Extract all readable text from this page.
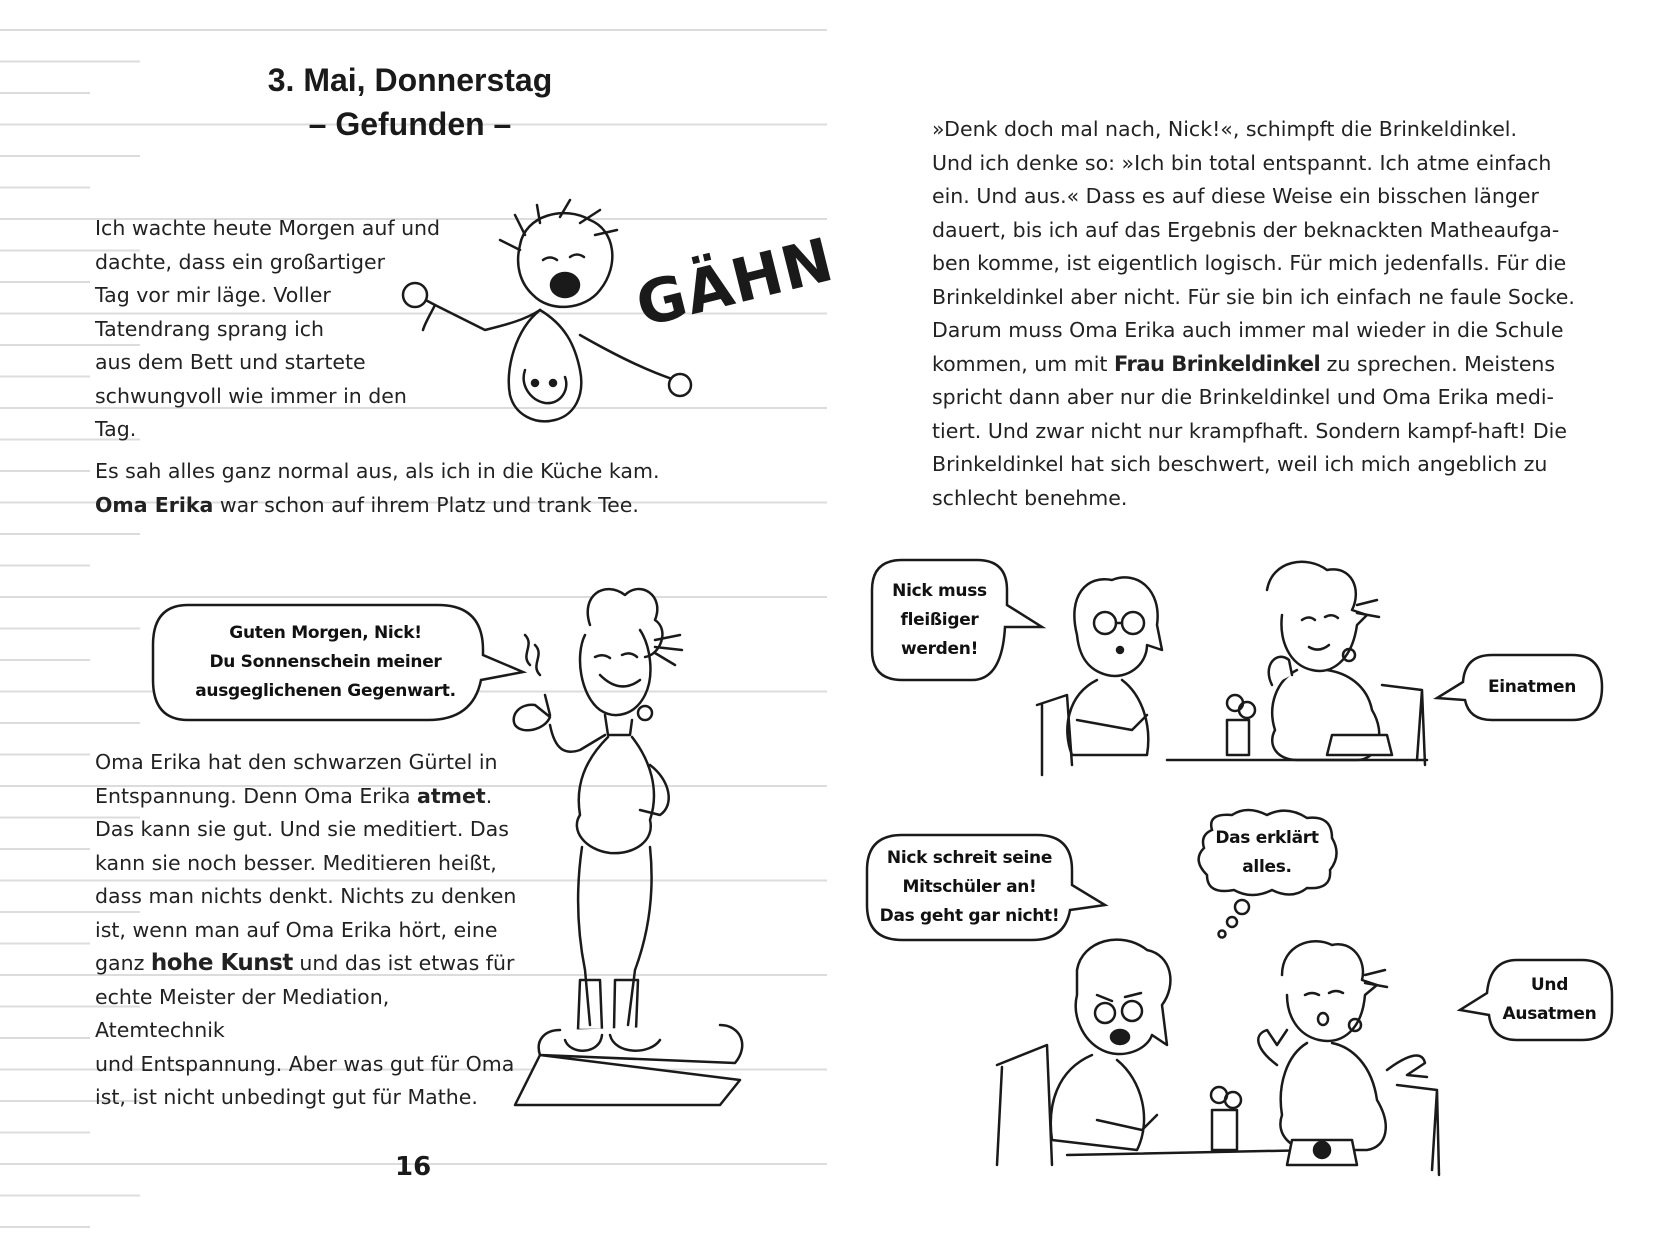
3. Mai, Donnerstag
– Gefunden –
Ich wachte heute Morgen auf und
dachte, dass ein großartiger
Tag vor mir läge. Voller
Tatendrang sprang ich
aus dem Bett und startete
schwungvoll wie immer in den
Tag.
GÄHN
Es sah alles ganz normal aus, als ich in die Küche kam.
Oma Erika war schon auf ihrem Platz und trank Tee.
Guten Morgen, Nick!
Du Sonnenschein meiner
ausgeglichenen Gegenwart.
Oma Erika hat den schwarzen Gürtel in
Entspannung. Denn Oma Erika atmet.
Das kann sie gut. Und sie meditiert. Das
kann sie noch besser. Meditieren heißt,
dass man nichts denkt. Nichts zu denken
ist, wenn man auf Oma Erika hört, eine
ganz hohe Kunst und das ist etwas für
echte Meister der Mediation, Atemtechnik
und Entspannung. Aber was gut für Oma
ist, ist nicht unbedingt gut für Mathe.
16
»Denk doch mal nach, Nick!«, schimpft die Brinkeldinkel.
Und ich denke so: »Ich bin total entspannt. Ich atme einfach
ein. Und aus.« Dass es auf diese Weise ein bisschen länger
dauert, bis ich auf das Ergebnis der beknackten Matheaufga-
ben komme, ist eigentlich logisch. Für mich jedenfalls. Für die
Brinkeldinkel aber nicht. Für sie bin ich einfach ne faule Socke.
Darum muss Oma Erika auch immer mal wieder in die Schule
kommen, um mit Frau Brinkeldinkel zu sprechen. Meistens
spricht dann aber nur die Brinkeldinkel und Oma Erika medi-
tiert. Und zwar nicht nur krampfhaft. Sondern kampf-haft! Die
Brinkeldinkel hat sich beschwert, weil ich mich angeblich zu
schlecht benehme.
Nick muss
fleißiger
werden!
Einatmen
Nick schreit seine
Mitschüler an!
Das geht gar nicht!
Das erklärt
alles.
Und
Ausatmen
